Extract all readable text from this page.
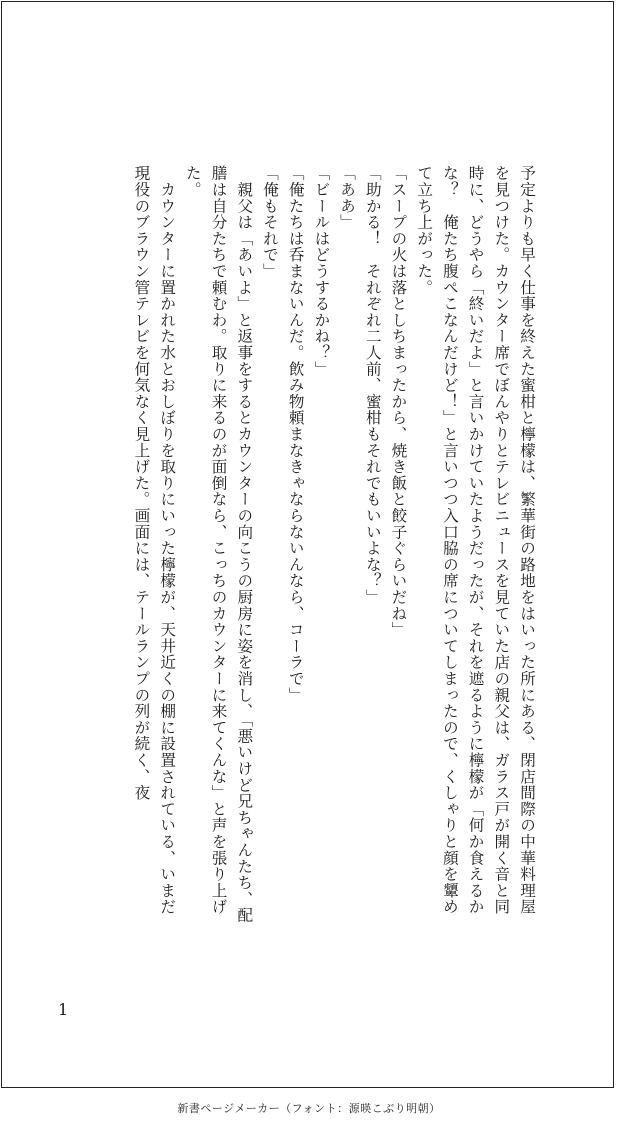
予定よりも早く仕事を終えた蜜柑と檸檬は、繁華街の路地をはいった所にある、閉店間際の中華料理屋を見つけた。カウンター席でぼんやりとテレビニュースを見ていた店の親父は、ガラス戸が開く音と同時に、どうやら「終いだよ」と言いかけていたようだったが、それを遮るように檸檬が「何か食えるかな？　俺たち腹ぺこなんだけど！」と言いつつ入口脇の席についてしまったので、くしゃりと顔を顰めて立ち上がった。

「スープの火は落としちまったから、焼き飯と餃子ぐらいだね」

「助かる！　それぞれ二人前、蜜柑もそれでもいいよな？」

「ああ」

「ビールはどうするかね？」

「俺たちは呑まないんだ。飲み物頼まなきゃならないんなら、コーラで」

「俺もそれで」

　親父は「あいよ」と返事をするとカウンターの向こうの厨房に姿を消し、「悪いけど兄ちゃんたち、配膳は自分たちで頼むわ。取りに来るのが面倒なら、こっちのカウンターに来てくんな」と声を張り上げた。

　カウンターに置かれた水とおしぼりを取りにいった檸檬が、天井近くの棚に設置されている、いまだ現役のブラウン管テレビを何気なく見上げた。画面には、テールランプの列が続く、夜

1
新書ページメーカー（フォント：源暎こぶり明朝）
